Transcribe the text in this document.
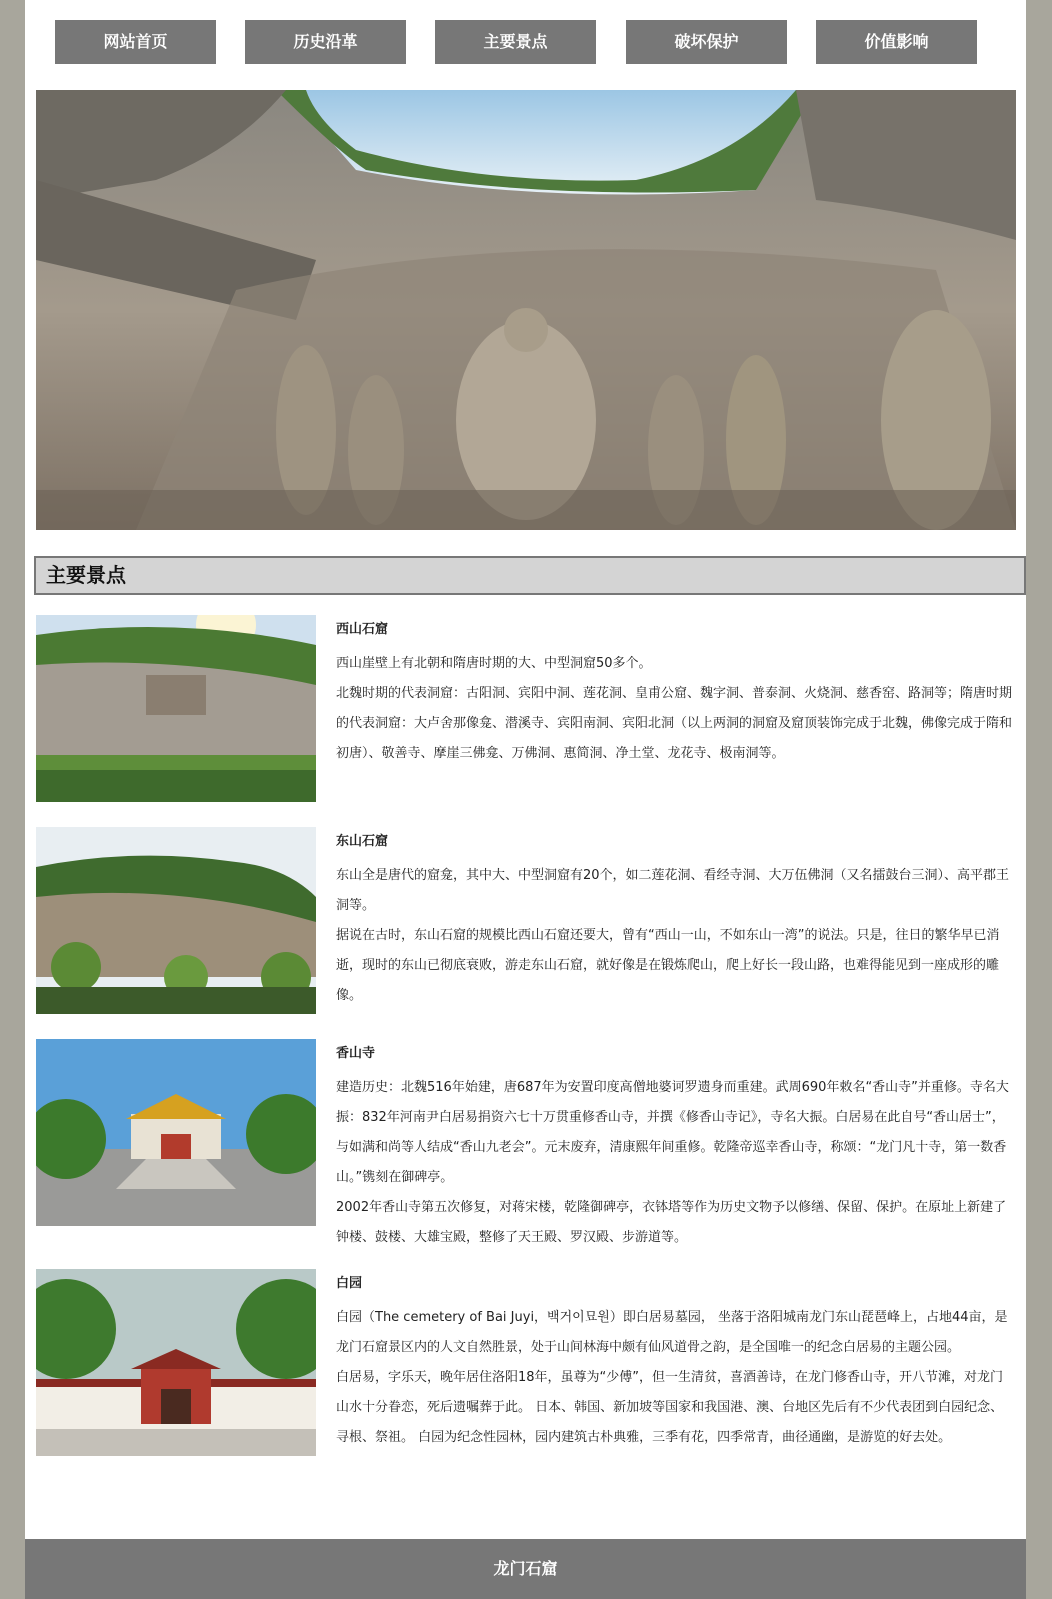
网站首页	历史沿革	主要景点	破坏保护	价值影响
主要景点
西山石窟

西山崖壁上有北朝和隋唐时期的大、中型洞窟50多个。

北魏时期的代表洞窟：古阳洞、宾阳中洞、莲花洞、皇甫公窟、魏字洞、普泰洞、火烧洞、慈香窑、路洞等；隋唐时期的代表洞窟：大卢舍那像龛、潜溪寺、宾阳南洞、宾阳北洞（以上两洞的洞窟及窟顶装饰完成于北魏，佛像完成于隋和初唐）、敬善寺、摩崖三佛龛、万佛洞、惠简洞、净土堂、龙花寺、极南洞等。

东山石窟

东山全是唐代的窟龛，其中大、中型洞窟有20个，如二莲花洞、看经寺洞、大万伍佛洞（又名擂鼓台三洞）、高平郡王洞等。

据说在古时，东山石窟的规模比西山石窟还要大，曾有“西山一山，不如东山一湾”的说法。只是，往日的繁华早已消逝，现时的东山已彻底衰败，游走东山石窟，就好像是在锻炼爬山，爬上好长一段山路，也难得能见到一座成形的雕像。

香山寺

建造历史：北魏516年始建，唐687年为安置印度高僧地婆诃罗遗身而重建。武周690年敕名“香山寺”并重修。寺名大振：832年河南尹白居易捐资六七十万贯重修香山寺，并撰《修香山寺记》，寺名大振。白居易在此自号“香山居士”，与如满和尚等人结成“香山九老会”。元末废弃，清康熙年间重修。乾隆帝巡幸香山寺，称颂：“龙门凡十寺，第一数香山。”镌刻在御碑亭。

2002年香山寺第五次修复，对蒋宋楼，乾隆御碑亭，衣钵塔等作为历史文物予以修缮、保留、保护。在原址上新建了钟楼、鼓楼、大雄宝殿，整修了天王殿、罗汉殿、步游道等。

白园

白园（The cemetery of Bai Juyi，백거이묘원）即白居易墓园， 坐落于洛阳城南龙门东山琵琶峰上，占地44亩，是龙门石窟景区内的人文自然胜景，处于山间林海中颇有仙风道骨之韵，是全国唯一的纪念白居易的主题公园。

白居易，字乐天，晚年居住洛阳18年，虽尊为“少傅”，但一生清贫，喜酒善诗，在龙门修香山寺，开八节滩，对龙门山水十分眷恋，死后遗嘱葬于此。 日本、韩国、新加坡等国家和我国港、澳、台地区先后有不少代表团到白园纪念、寻根、祭祖。 白园为纪念性园林，园内建筑古朴典雅，三季有花，四季常青，曲径通幽，是游览的好去处。

龙门石窟
